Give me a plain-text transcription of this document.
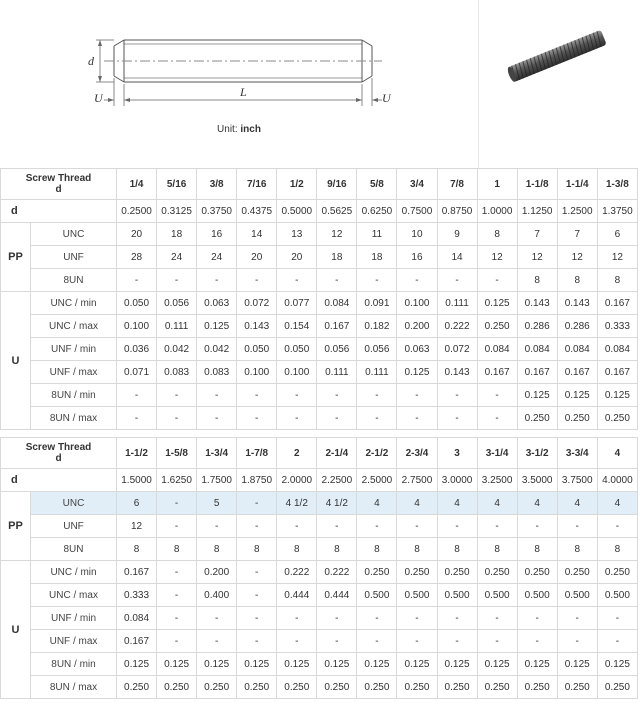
d
L
U	U
Unit: inch
Screw Thread
d		1/4	5/16	3/8	7/16	1/2	9/16	5/8	3/4	7/8	1	1-1/8	1-1/4	1-3/8
d		0.2500	0.3125	0.3750	0.4375	0.5000	0.5625	0.6250	0.7500	0.8750	1.0000	1.1250	1.2500	1.3750
PP	UNC	20	18	16	14	13	12	11	10	9	8	7	7	6
	UNF	28	24	24	20	20	18	18	16	14	12	12	12	12
	8UN	-	-	-	-	-	-	-	-	-	-	8	8	8
U	UNC / min	0.050	0.056	0.063	0.072	0.077	0.084	0.091	0.100	0.111	0.125	0.143	0.143	0.167
	UNC / max	0.100	0.111	0.125	0.143	0.154	0.167	0.182	0.200	0.222	0.250	0.286	0.286	0.333
	UNF / min	0.036	0.042	0.042	0.050	0.050	0.056	0.056	0.063	0.072	0.084	0.084	0.084	0.084
	UNF / max	0.071	0.083	0.083	0.100	0.100	0.111	0.111	0.125	0.143	0.167	0.167	0.167	0.167
	8UN / min	-	-	-	-	-	-	-	-	-	-	0.125	0.125	0.125
	8UN / max	-	-	-	-	-	-	-	-	-	-	0.250	0.250	0.250
Screw Thread
d		1-1/2	1-5/8	1-3/4	1-7/8	2	2-1/4	2-1/2	2-3/4	3	3-1/4	3-1/2	3-3/4	4
d		1.5000	1.6250	1.7500	1.8750	2.0000	2.2500	2.5000	2.7500	3.0000	3.2500	3.5000	3.7500	4.0000
PP	UNC	6	-	5	-	4 1/2	4 1/2	4	4	4	4	4	4	4
	UNF	12	-	-	-	-	-	-	-	-	-	-	-	-
	8UN	8	8	8	8	8	8	8	8	8	8	8	8	8
U	UNC / min	0.167	-	0.200	-	0.222	0.222	0.250	0.250	0.250	0.250	0.250	0.250	0.250
	UNC / max	0.333	-	0.400	-	0.444	0.444	0.500	0.500	0.500	0.500	0.500	0.500	0.500
	UNF / min	0.084	-	-	-	-	-	-	-	-	-	-	-	-
	UNF / max	0.167	-	-	-	-	-	-	-	-	-	-	-	-
	8UN / min	0.125	0.125	0.125	0.125	0.125	0.125	0.125	0.125	0.125	0.125	0.125	0.125	0.125
	8UN / max	0.250	0.250	0.250	0.250	0.250	0.250	0.250	0.250	0.250	0.250	0.250	0.250	0.250
